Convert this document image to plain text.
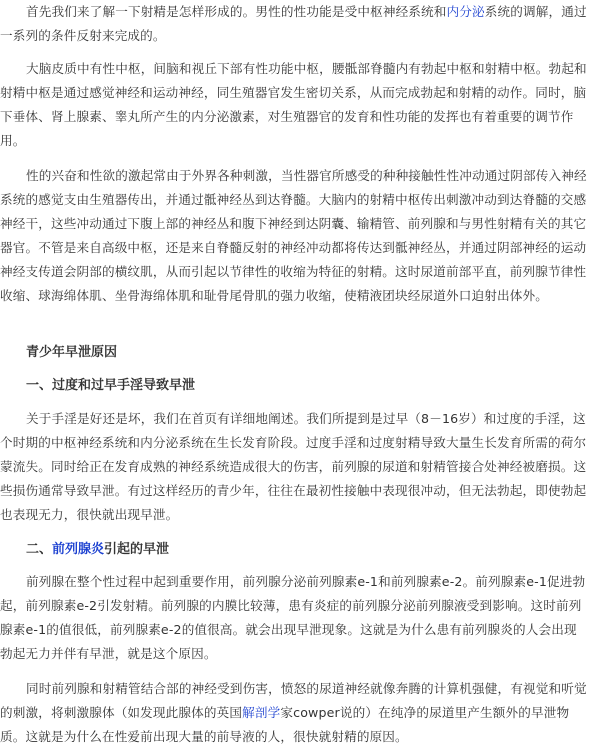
首先我们来了解一下射精是怎样形成的。男性的性功能是受中枢神经系统和内分泌系统的调解，通过一系列的条件反射来完成的。

大脑皮质中有性中枢，间脑和视丘下部有性功能中枢，腰骶部脊髓内有勃起中枢和射精中枢。勃起和射精中枢是通过感觉神经和运动神经，同生殖器官发生密切关系，从而完成勃起和射精的动作。同时，脑下垂体、肾上腺素、睾丸所产生的内分泌激素，对生殖器官的发育和性功能的发挥也有着重要的调节作用。

性的兴奋和性欲的激起常由于外界各种刺激，当性器官所感受的种种接触性性冲动通过阴部传入神经系统的感觉支由生殖器传出，并通过骶神经丛到达脊髓。大脑内的射精中枢传出刺激冲动到达脊髓的交感神经干，这些冲动通过下腹上部的神经丛和腹下神经到达阴囊、输精管、前列腺和与男性射精有关的其它器官。不管是来自高级中枢，还是来自脊髓反射的神经冲动都将传达到骶神经丛，并通过阴部神经的运动神经支传道会阴部的横纹肌，从而引起以节律性的收缩为特征的射精。这时尿道前部平直，前列腺节律性收缩、球海绵体肌、坐骨海绵体肌和耻骨尾骨肌的强力收缩，使精液团块经尿道外口迫射出体外。

青少年早泄原因

一、过度和过早手淫导致早泄

关于手淫是好还是坏，我们在首页有详细地阐述。我们所提到是过早（8－16岁）和过度的手淫，这个时期的中枢神经系统和内分泌系统在生长发育阶段。过度手淫和过度射精导致大量生长发育所需的荷尔蒙流失。同时给正在发育成熟的神经系统造成很大的伤害，前列腺的尿道和射精管接合处神经被磨损。这些损伤通常导致早泄。有过这样经历的青少年，往往在最初性接触中表现很冲动，但无法勃起，即使勃起也表现无力，很快就出现早泄。

二、前列腺炎引起的早泄

前列腺在整个性过程中起到重要作用，前列腺分泌前列腺素e-1和前列腺素e-2。前列腺素e-1促进勃起，前列腺素e-2引发射精。前列腺的内膜比较薄，患有炎症的前列腺分泌前列腺液受到影响。这时前列腺素e-1的值很低，前列腺素e-2的值很高。就会出现早泄现象。这就是为什么患有前列腺炎的人会出现勃起无力并伴有早泄，就是这个原因。

同时前列腺和射精管结合部的神经受到伤害，愤怒的尿道神经就像奔腾的计算机强健，有视觉和听觉的刺激，将刺激腺体（如发现此腺体的英国解剖学家cowper说的）在纯净的尿道里产生额外的早泄物质。这就是为什么在性爱前出现大量的前导液的人，很快就射精的原因。
